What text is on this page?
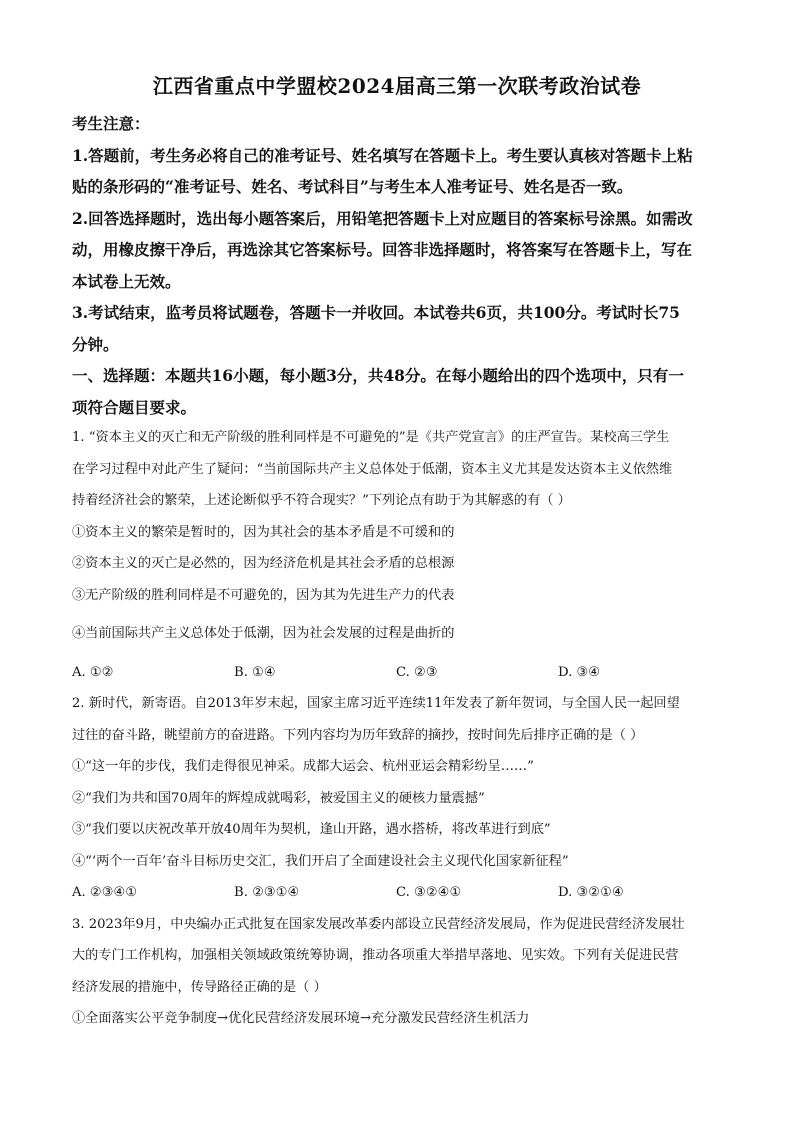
江西省重点中学盟校2024届高三第一次联考政治试卷

考生注意：

1.答题前，考生务必将自己的准考证号、姓名填写在答题卡上。考生要认真核对答题卡上粘

贴的条形码的“准考证号、姓名、考试科目”与考生本人准考证号、姓名是否一致。

2.回答选择题时，选出每小题答案后，用铅笔把答题卡上对应题目的答案标号涂黑。如需改

动，用橡皮擦干净后，再选涂其它答案标号。回答非选择题时，将答案写在答题卡上，写在

本试卷上无效。

3.考试结束，监考员将试题卷，答题卡一并收回。本试卷共6页，共100分。考试时长75

分钟。

一、选择题：本题共16小题，每小题3分，共48分。在每小题给出的四个选项中，只有一

项符合题目要求。

1. “资本主义的灭亡和无产阶级的胜利同样是不可避免的”是《共产党宣言》的庄严宣告。某校高三学生

在学习过程中对此产生了疑问：“当前国际共产主义总体处于低潮，资本主义尤其是发达资本主义依然维

持着经济社会的繁荣，上述论断似乎不符合现实？”下列论点有助于为其解惑的有（ ）

①资本主义的繁荣是暂时的，因为其社会的基本矛盾是不可缓和的

②资本主义的灭亡是必然的，因为经济危机是其社会矛盾的总根源

③无产阶级的胜利同样是不可避免的，因为其为先进生产力的代表

④当前国际共产主义总体处于低潮，因为社会发展的过程是曲折的

A. ①②	B. ①④	C. ②③	D. ③④

2. 新时代，新寄语。自2013年岁末起，国家主席习近平连续11年发表了新年贺词，与全国人民一起回望

过往的奋斗路，眺望前方的奋进路。下列内容均为历年致辞的摘抄，按时间先后排序正确的是（ ）

①“这一年的步伐，我们走得很见神采。成都大运会、杭州亚运会精彩纷呈……”

②“我们为共和国70周年的辉煌成就喝彩，被爱国主义的硬核力量震撼”

③“我们要以庆祝改革开放40周年为契机，逢山开路，遇水搭桥，将改革进行到底”

④“‘两个一百年’奋斗目标历史交汇，我们开启了全面建设社会主义现代化国家新征程”

A. ②③④①	B. ②③①④	C. ③②④①	D. ③②①④

3. 2023年9月，中央编办正式批复在国家发展改革委内部设立民营经济发展局，作为促进民营经济发展壮

大的专门工作机构，加强相关领域政策统筹协调，推动各项重大举措早落地、见实效。下列有关促进民营

经济发展的措施中，传导路径正确的是（ ）

①全面落实公平竞争制度→优化民营经济发展环境→充分激发民营经济生机活力
